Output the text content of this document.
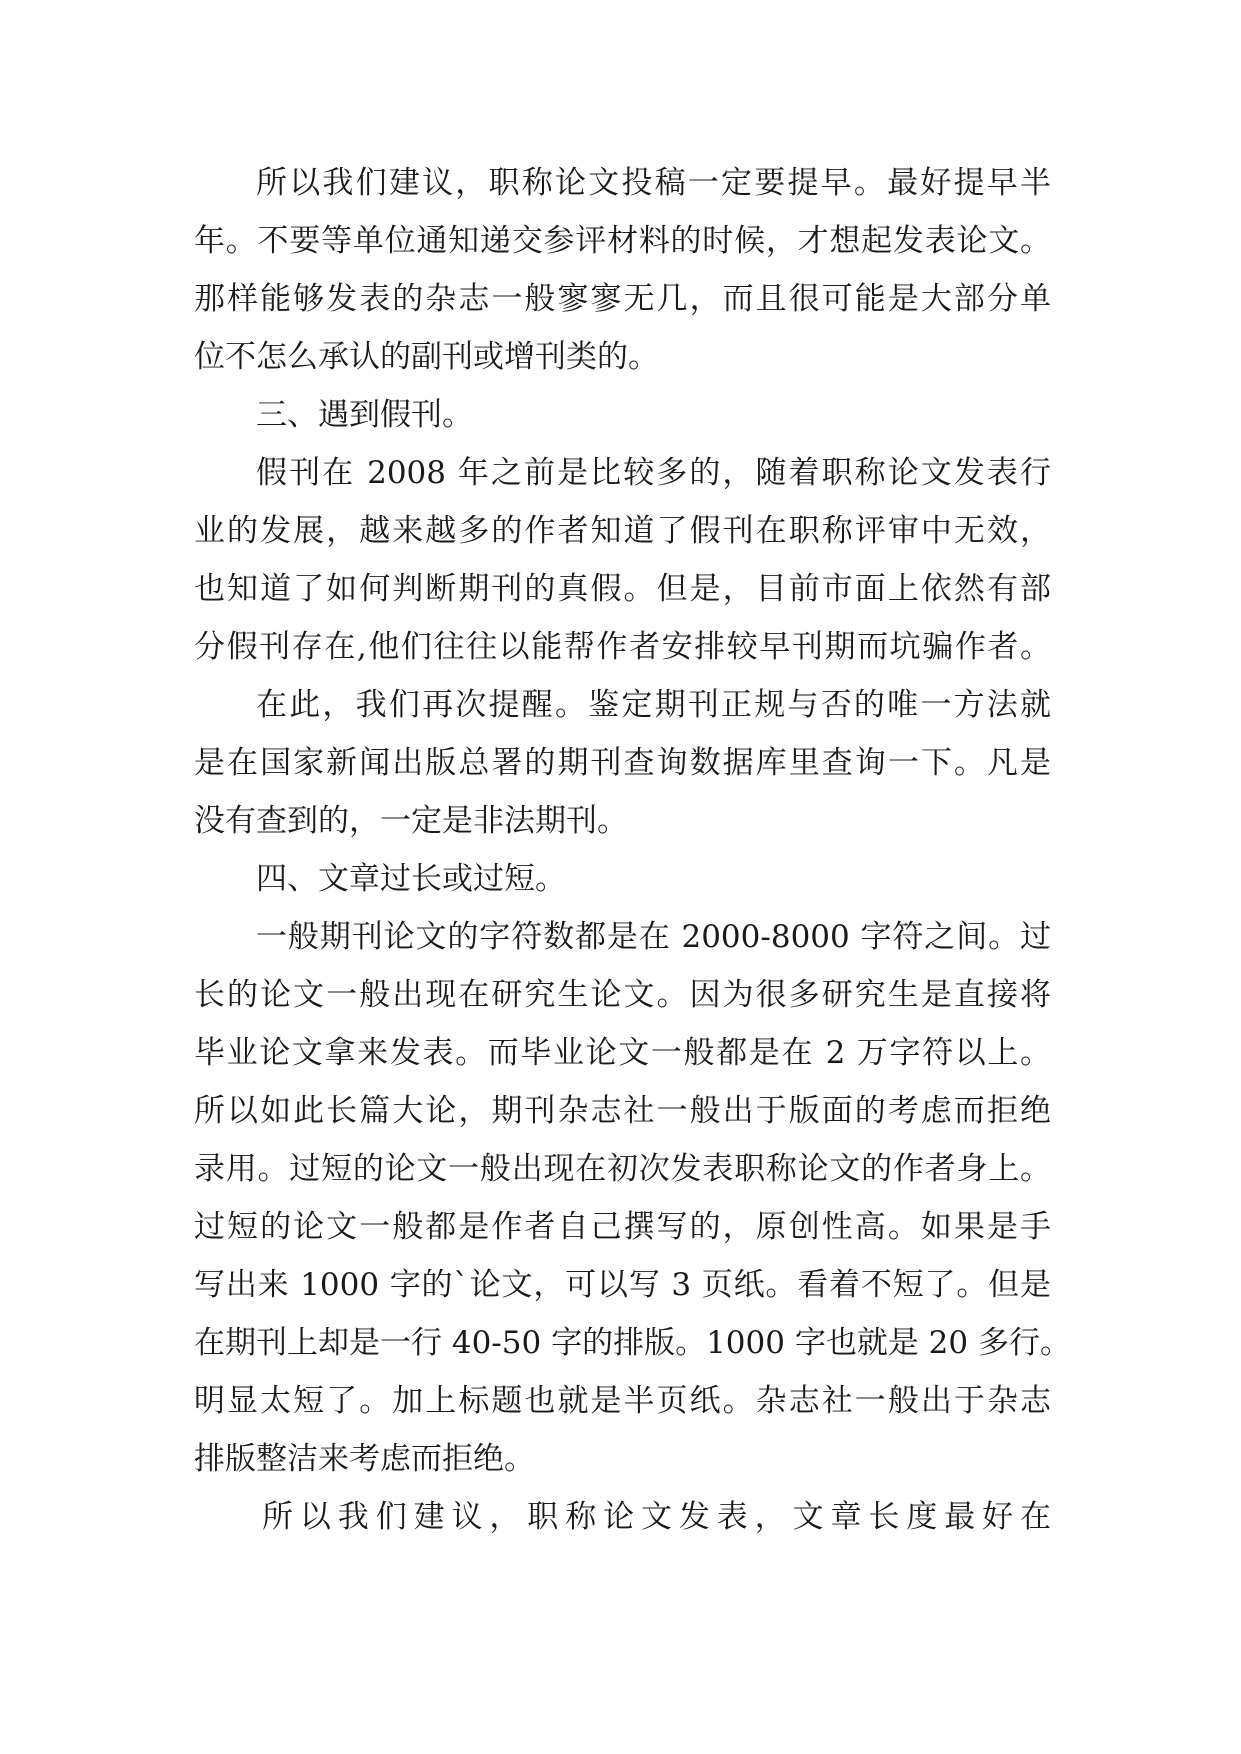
所以我们建议，职称论文投稿一定要提早。最好提早半

年。不要等单位通知递交参评材料的时候，才想起发表论文。

那样能够发表的杂志一般寥寥无几，而且很可能是大部分单

位不怎么承认的副刊或增刊类的。

三、遇到假刊。

假刊在 2008 年之前是比较多的，随着职称论文发表行

业的发展，越来越多的作者知道了假刊在职称评审中无效，

也知道了如何判断期刊的真假。但是，目前市面上依然有部

分假刊存在,他们往往以能帮作者安排较早刊期而坑骗作者。

在此，我们再次提醒。鉴定期刊正规与否的唯一方法就

是在国家新闻出版总署的期刊查询数据库里查询一下。凡是

没有查到的，一定是非法期刊。

四、文章过长或过短。

一般期刊论文的字符数都是在 2000-8000 字符之间。过

长的论文一般出现在研究生论文。因为很多研究生是直接将

毕业论文拿来发表。而毕业论文一般都是在 2 万字符以上。

所以如此长篇大论，期刊杂志社一般出于版面的考虑而拒绝

录用。过短的论文一般出现在初次发表职称论文的作者身上。

过短的论文一般都是作者自己撰写的，原创性高。如果是手

写出来 1000 字的`论文，可以写 3 页纸。看着不短了。但是

在期刊上却是一行 40-50 字的排版。1000 字也就是 20 多行。

明显太短了。加上标题也就是半页纸。杂志社一般出于杂志

排版整洁来考虑而拒绝。

所以我们建议，职称论文发表，文章长度最好在
